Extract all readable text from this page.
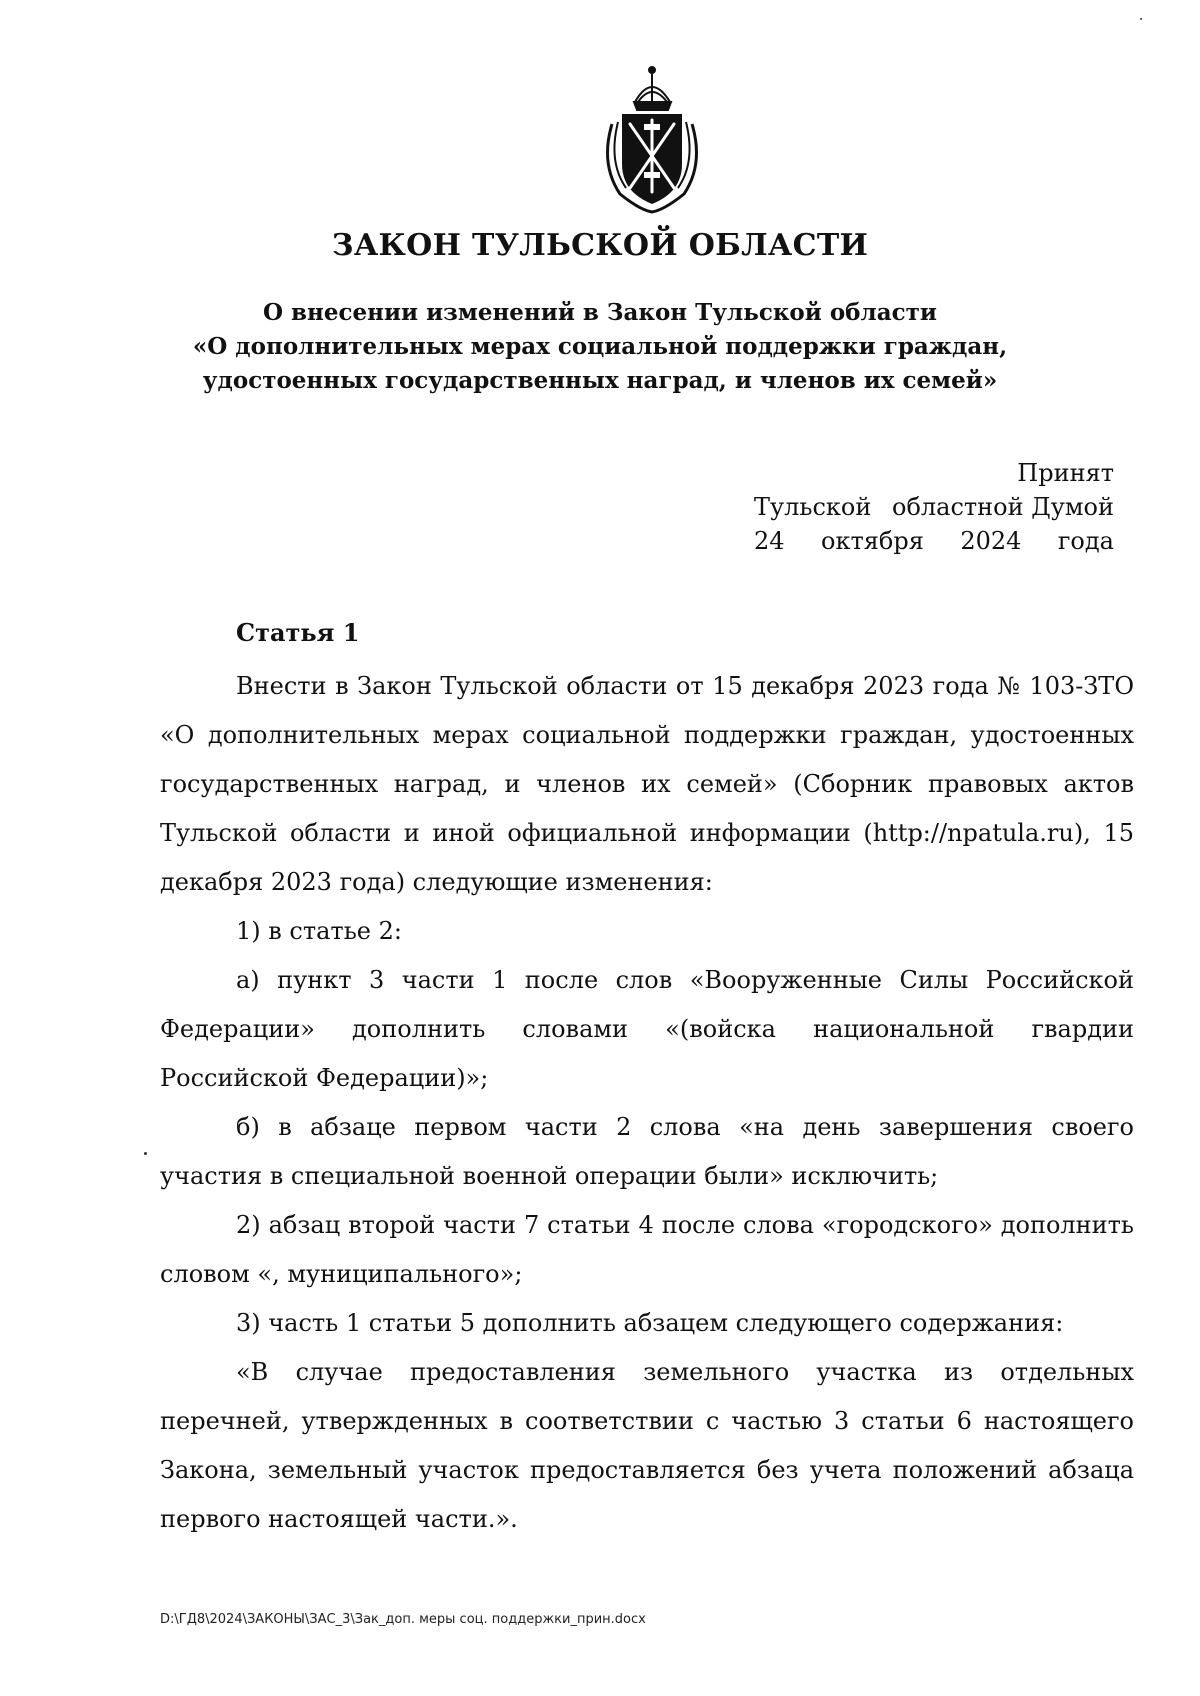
ЗАКОН ТУЛЬСКОЙ ОБЛАСТИ
О внесении изменений в Закон Тульской области
«О дополнительных мерах социальной поддержки граждан,
удостоенных государственных наград, и членов их семей»
Принят
Тульской областной Думой
24 октября 2024 года
Статья 1

Внести в Закон Тульской области от 15 декабря 2023 года № 103-ЗТО «О дополнительных мерах социальной поддержки граждан, удостоенных государственных наград, и членов их семей» (Сборник правовых актов Тульской области и иной официальной информации (http://npatula.ru), 15 декабря 2023 года) следующие изменения:

1) в статье 2:

а) пункт 3 части 1 после слов «Вооруженные Силы Российской Федерации» дополнить словами «(войска национальной гвардии Российской Федерации)»;

б) в абзаце первом части 2 слова «на день завершения своего участия в специальной военной операции были» исключить;

2) абзац второй части 7 статьи 4 после слова «городского» дополнить словом «, муниципального»;

3) часть 1 статьи 5 дополнить абзацем следующего содержания:

«В случае предоставления земельного участка из отдельных перечней, утвержденных в соответствии с частью 3 статьи 6 настоящего Закона, земельный участок предоставляется без учета положений абзаца первого настоящей части.».

D:\ГД8\2024\ЗАКОНЫ\ЗАС_3\Зак_доп. меры соц. поддержки_прин.docx
